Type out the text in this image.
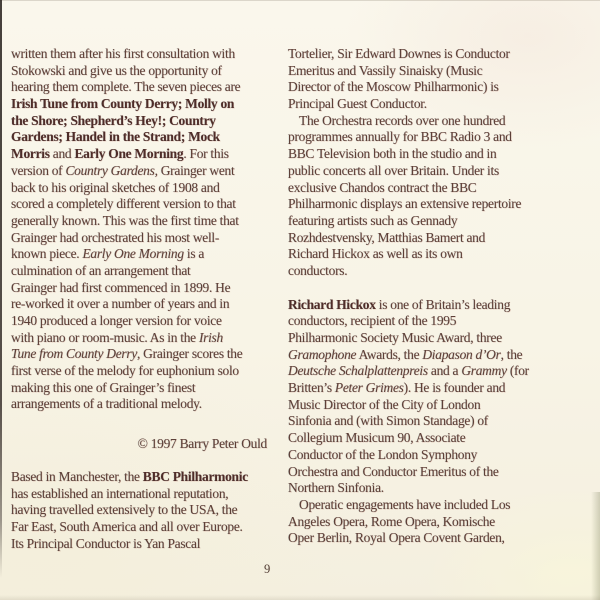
written them after his first consultation with
Stokowski and give us the opportunity of
hearing them complete. The seven pieces are
Irish Tune from County Derry; Molly on
the Shore; Shepherd’s Hey!; Country
Gardens; Handel in the Strand; Mock
Morris and Early One Morning. For this
version of Country Gardens, Grainger went
back to his original sketches of 1908 and
scored a completely different version to that
generally known. This was the first time that
Grainger had orchestrated his most well-
known piece. Early One Morning is a
culmination of an arrangement that
Grainger had first commenced in 1899. He
re-worked it over a number of years and in
1940 produced a longer version for voice
with piano or room-music. As in the Irish
Tune from County Derry, Grainger scores the
first verse of the melody for euphonium solo
making this one of Grainger’s finest
arrangements of a traditional melody.
© 1997 Barry Peter Ould
Based in Manchester, the BBC Philharmonic
has established an international reputation,
having travelled extensively to the USA, the
Far East, South America and all over Europe.
Its Principal Conductor is Yan Pascal
Tortelier, Sir Edward Downes is Conductor
Emeritus and Vassily Sinaisky (Music
Director of the Moscow Philharmonic) is
Principal Guest Conductor.
The Orchestra records over one hundred
programmes annually for BBC Radio 3 and
BBC Television both in the studio and in
public concerts all over Britain. Under its
exclusive Chandos contract the BBC
Philharmonic displays an extensive repertoire
featuring artists such as Gennady
Rozhdestvensky, Matthias Bamert and
Richard Hickox as well as its own
conductors.
Richard Hickox is one of Britain’s leading
conductors, recipient of the 1995
Philharmonic Society Music Award, three
Gramophone Awards, the Diapason d’Or, the
Deutsche Schalplattenpreis and a Grammy (for
Britten’s Peter Grimes). He is founder and
Music Director of the City of London
Sinfonia and (with Simon Standage) of
Collegium Musicum 90, Associate
Conductor of the London Symphony
Orchestra and Conductor Emeritus of the
Northern Sinfonia.
Operatic engagements have included Los
Angeles Opera, Rome Opera, Komische
Oper Berlin, Royal Opera Covent Garden,
9
